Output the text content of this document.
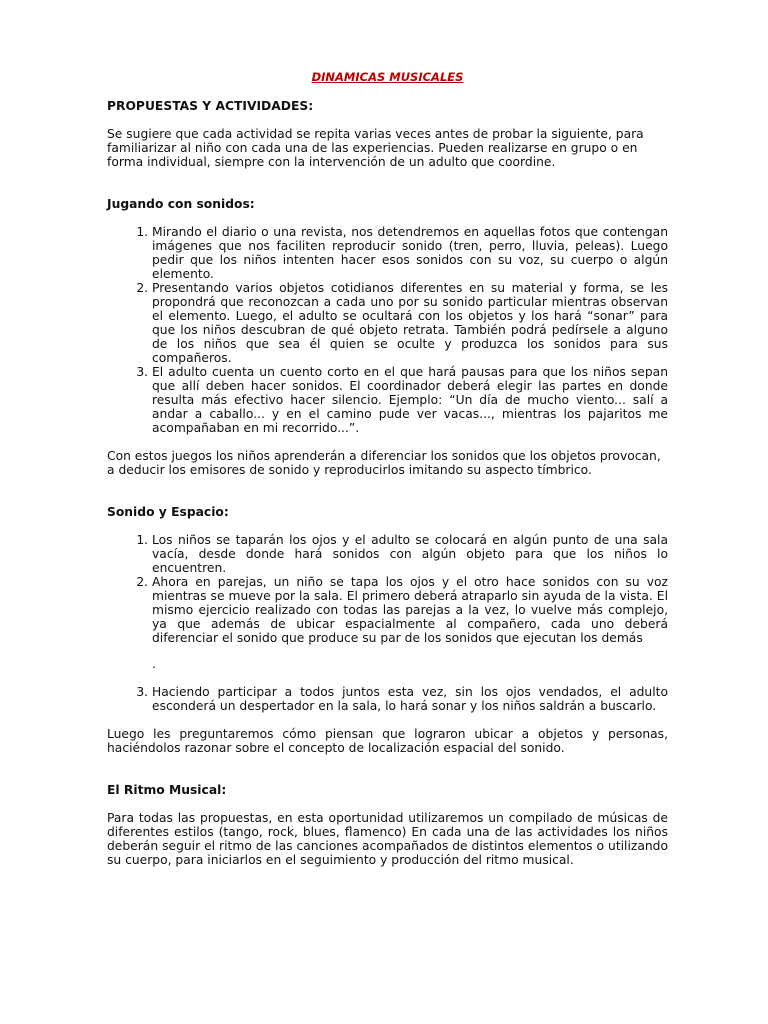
DINAMICAS MUSICALES

PROPUESTAS Y ACTIVIDADES:

Se sugiere que cada actividad se repita varias veces antes de probar la siguiente, para familiarizar al niño con cada una de las experiencias. Pueden realizarse en grupo o en forma individual, siempre con la intervención de un adulto que coordine.

Jugando con sonidos:

1. Mirando el diario o una revista, nos detendremos en aquellas fotos que contengan imágenes que nos faciliten reproducir sonido (tren, perro, lluvia, peleas). Luego pedir que los niños intenten hacer esos sonidos con su voz, su cuerpo o algún elemento.
2. Presentando varios objetos cotidianos diferentes en su material y forma, se les propondrá que reconozcan a cada uno por su sonido particular mientras observan el elemento. Luego, el adulto se ocultará con los objetos y los hará “sonar” para que los niños descubran de qué objeto retrata. También podrá pedírsele a alguno de los niños que sea él quien se oculte y produzca los sonidos para sus compañeros.
3. El adulto cuenta un cuento corto en el que hará pausas para que los niños sepan que allí deben hacer sonidos. El coordinador deberá elegir las partes en donde resulta más efectivo hacer silencio. Ejemplo: “Un día de mucho viento... salí a andar a caballo... y en el camino pude ver vacas..., mientras los pajaritos me acompañaban en mi recorrido...”.

Con estos juegos los niños aprenderán a diferenciar los sonidos que los objetos provocan, a deducir los emisores de sonido y reproducirlos imitando su aspecto tímbrico.

Sonido y Espacio:

1. Los niños se taparán los ojos y el adulto se colocará en algún punto de una sala vacía, desde donde hará sonidos con algún objeto para que los niños lo encuentren.
2. Ahora en parejas, un niño se tapa los ojos y el otro hace sonidos con su voz mientras se mueve por la sala. El primero deberá atraparlo sin ayuda de la vista. El mismo ejercicio realizado con todas las parejas a la vez, lo vuelve más complejo, ya que además de ubicar espacialmente al compañero, cada uno deberá diferenciar el sonido que produce su par de los sonidos que ejecutan los demás

.

3. Haciendo participar a todos juntos esta vez, sin los ojos vendados, el adulto esconderá un despertador en la sala, lo hará sonar y los niños saldrán a buscarlo.

Luego les preguntaremos cómo piensan que lograron ubicar a objetos y personas, haciéndolos razonar sobre el concepto de localización espacial del sonido.

El Ritmo Musical:

Para todas las propuestas, en esta oportunidad utilizaremos un compilado de músicas de diferentes estilos (tango, rock, blues, flamenco) En cada una de las actividades los niños deberán seguir el ritmo de las canciones acompañados de distintos elementos o utilizando su cuerpo, para iniciarlos en el seguimiento y producción del ritmo musical.
